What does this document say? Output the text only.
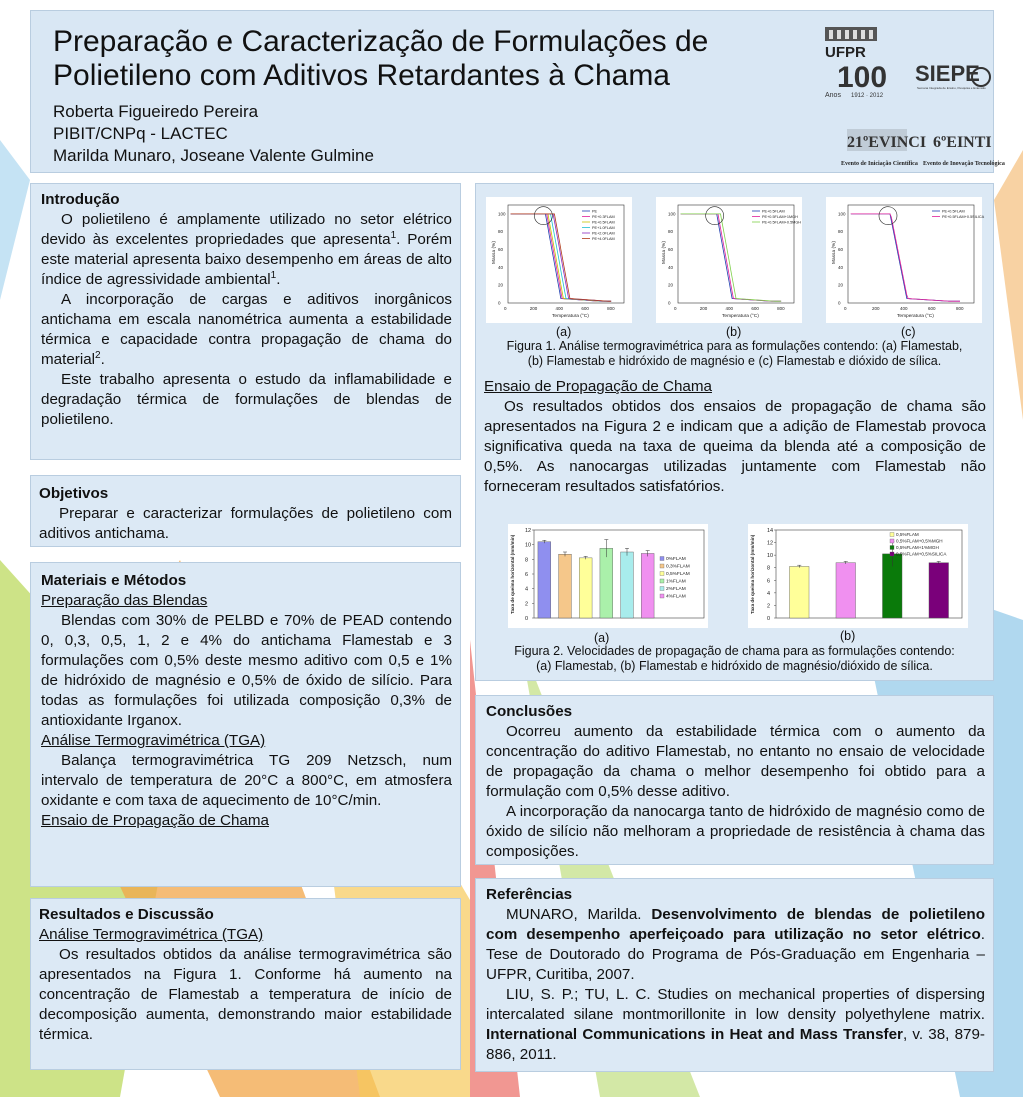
Preparação e Caracterização de Formulações de Polietileno com Aditivos Retardantes à Chama
Roberta Figueiredo Pereira
PIBIT/CNPq - LACTEC
Marilda Munaro, Joseane Valente Gulmine
UFPR
100
Anos 1912 · 2012
SIEPE
Semana Integrada de Ensino, Pesquisa e Extensão
21ºEVINCI 6ºEINTI
Evento de Iniciação Científica Evento de Inovação Tecnológica
Introdução

O polietileno é amplamente utilizado no setor elétrico devido às excelentes propriedades que apresenta$^1$. Porém este material apresenta baixo desempenho em áreas de alto índice de agressividade ambiental$^1$.

A incorporação de cargas e aditivos inorgânicos antichama em escala nanométrica aumenta a estabilidade térmica e capacidade contra propagação de chama do material$^2$.

Este trabalho apresenta o estudo da inflamabilidade e degradação térmica de formulações de blendas de polietileno.

Objetivos

Preparar e caracterizar formulações de polietileno com aditivos antichama.

Materiais e Métodos
Preparação das Blendas

Blendas com 30% de PELBD e 70% de PEAD contendo 0, 0,3, 0,5, 1, 2 e 4% do antichama Flamestab e 3 formulações com 0,5% deste mesmo aditivo com 0,5 e 1% de hidróxido de magnésio e 0,5% de óxido de silício. Para todas as formulações foi utilizada composição 0,3% de antioxidante Irganox.

Análise Termogravimétrica (TGA)

Balança termogravimétrica TG 209 Netzsch, num intervalo de temperatura de 20°C a 800°C, em atmosfera oxidante e com taxa de aquecimento de 10°C/min.

Ensaio de Propagação de Chama
Resultados e Discussão
Análise Termogravimétrica (TGA)

Os resultados obtidos da análise termogravimétrica são apresentados na Figura 1. Conforme há aumento na concentração de Flamestab a temperatura de início de decomposição aumenta, demonstrando maior estabilidade térmica.

0	200	400	600	800
0
20
40
60
80
100
Temperatura (°C)
Massa (%)
PE
PE+0.3FLAM
PE+0.5FLAM
PE+1.0FLAM
PE+2.0FLAM
PE+4.0FLAM
0	200	400	600	800
0
20
40
60
80
100
Temperatura (°C)
Massa (%)
PE+0.5FLAM
PE+0.5FLAM+1MGH
PE+0.5FLAM+0.5MGH
0	200	400	600	800
0
20
40
60
80
100
Temperatura (°C)
Massa (%)
PE+0.5FLAM
PE+0.5FLAM+0.5SILICA
(a)	(b)	(c)
Figura 1. Análise termogravimétrica para as formulações contendo: (a) Flamestab,
(b) Flamestab e hidróxido de magnésio e (c) Flamestab e dióxido de sílica.
Ensaio de Propagação de Chama

Os resultados obtidos dos ensaios de propagação de chama são apresentados na Figura 2 e indicam que a adição de Flamestab provoca significativa queda na taxa de queima da blenda até a composição de 0,5%. As nanocargas utilizadas juntamente com Flamestab não forneceram resultados satisfatórios.

0
2
4
6
8
10
12
Taxa de queima horizontal (mm/min)	0%FLAM
0,3%FLAM
0,5%FLAM
1%FLAM
2%FLAM
4%FLAM
0
2
4
6
8
10
12
14
Taxa de queima horizontal (mm/min)
0,5%FLAM
0,5%FLAM+0,5%MGH
0,5%FLAM+1%MGH
0,5%FLAM+0,5%SILICA
(a)	(b)
Figura 2. Velocidades de propagação de chama para as formulações contendo:
(a) Flamestab, (b) Flamestab e hidróxido de magnésio/dióxido de sílica.
Conclusões

Ocorreu aumento da estabilidade térmica com o aumento da concentração do aditivo Flamestab, no entanto no ensaio de velocidade de propagação da chama o melhor desempenho foi obtido para a formulação com 0,5% desse aditivo.

A incorporação da nanocarga tanto de hidróxido de magnésio como de óxido de silício não melhoram a propriedade de resistência à chama das composições.

Referências

MUNARO, Marilda. Desenvolvimento de blendas de polietileno com desempenho aperfeiçoado para utilização no setor elétrico. Tese de Doutorado do Programa de Pós-Graduação em Engenharia – UFPR, Curitiba, 2007.

LIU, S. P.; TU, L. C. Studies on mechanical properties of dispersing intercalated silane montmorillonite in low density polyethylene matrix. International Communications in Heat and Mass Transfer, v. 38, 879-886, 2011.
